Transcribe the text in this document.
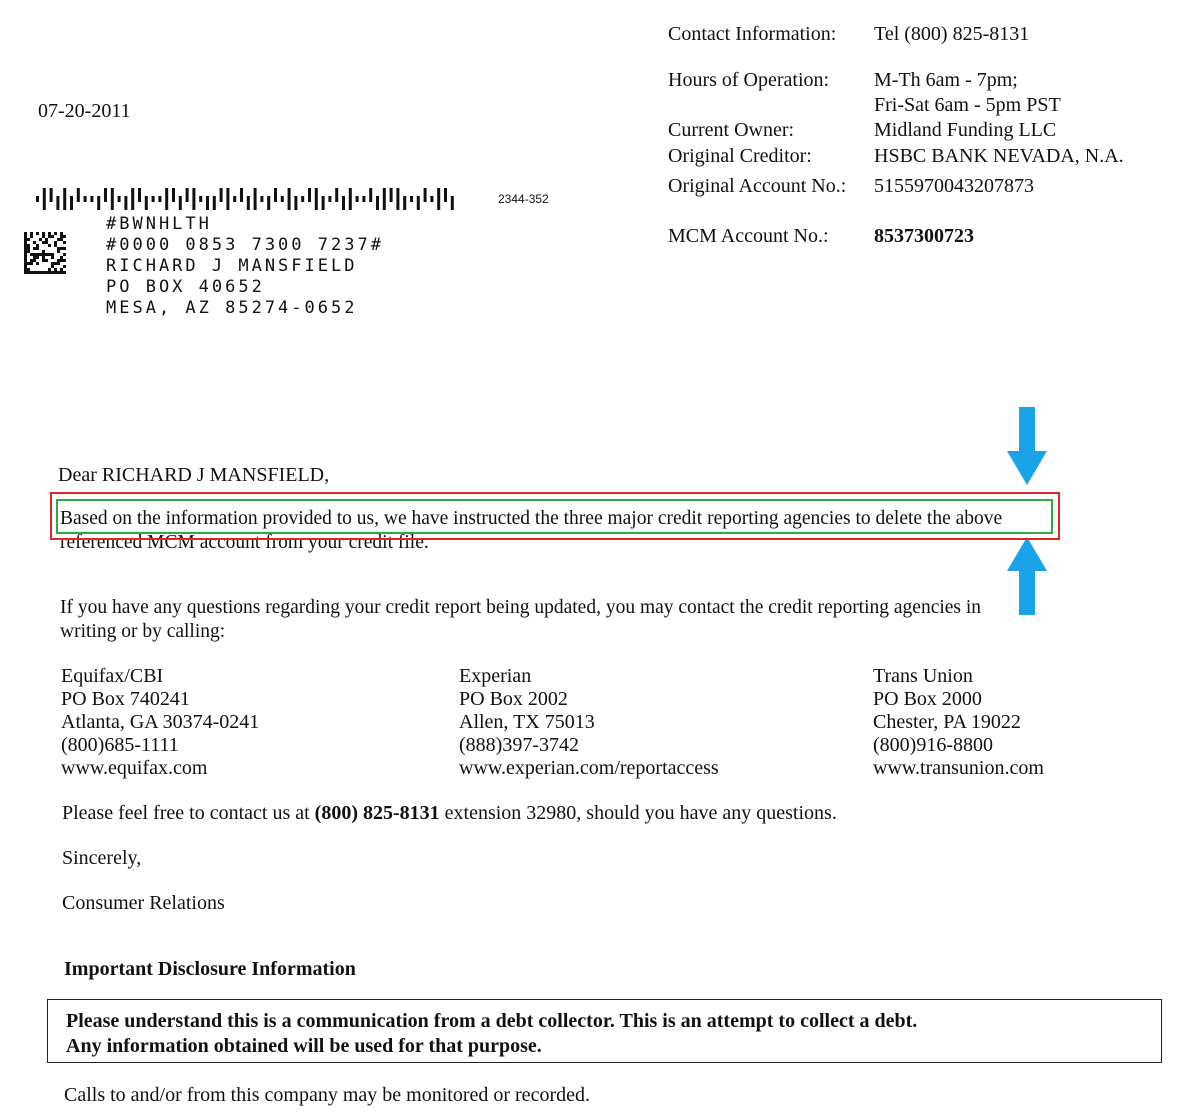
Contact Information: Tel (800) 825-8131
Hours of Operation: M-Th 6am - 7pm;
Fri-Sat 6am - 5pm PST
Current Owner:	Midland Funding LLC
Original Creditor:	HSBC BANK NEVADA, N.A.
Original Account No.: 5155970043207873
MCM Account No.: 8537300723
07-20-2011
2344-352
#BWNHLTH
#0000 0853 7300 7237#
RICHARD J MANSFIELD
PO BOX 40652
MESA, AZ 85274-0652
Dear RICHARD J MANSFIELD,
Based on the information provided to us, we have instructed the three major credit reporting agencies to delete the above
referenced MCM account from your credit file.
If you have any questions regarding your credit report being updated, you may contact the credit reporting agencies in
writing or by calling:
Equifax/CBI
PO Box 740241
Atlanta, GA 30374-0241
(800)685-1111
www.equifax.com
Experian
PO Box 2002
Allen, TX 75013
(888)397-3742
www.experian.com/reportaccess
Trans Union
PO Box 2000
Chester, PA 19022
(800)916-8800
www.transunion.com
Please feel free to contact us at (800) 825-8131 extension 32980, should you have any questions.
Sincerely,
Consumer Relations
Important Disclosure Information
Please understand this is a communication from a debt collector. This is an attempt to collect a debt.
Any information obtained will be used for that purpose.
Calls to and/or from this company may be monitored or recorded.
